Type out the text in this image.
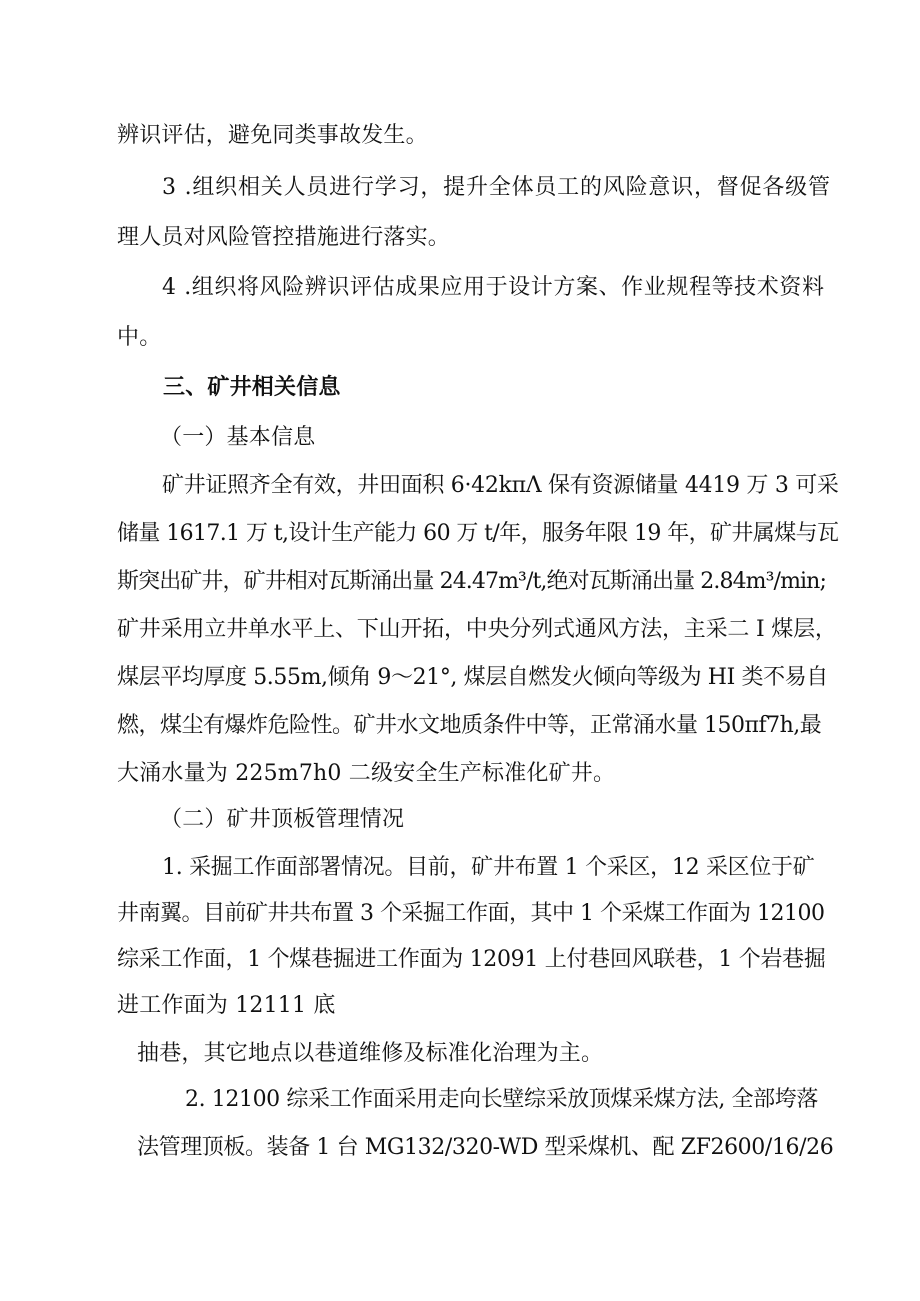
辨识评估，避免同类事故发生。
3 .组织相关人员进行学习，提升全体员工的风险意识，督促各级管
理人员对风险管控措施进行落实。
4 .组织将风险辨识评估成果应用于设计方案、作业规程等技术资料
中。
三、矿井相关信息
（一）基本信息
矿井证照齐全有效，井田面积 6·42kπΛ 保有资源储量 4419 万 3 可采
储量 1617.1 万 t,设计生产能力 60 万 t/年，服务年限 19 年，矿井属煤与瓦
斯突出矿井，矿井相对瓦斯涌出量 24.47m³/t,绝对瓦斯涌出量 2.84m³/min;
矿井采用立井单水平上、下山开拓，中央分列式通风方法，主采二 I 煤层，
煤层平均厚度 5.55m,倾角 9～21°, 煤层自燃发火倾向等级为 HI 类不易自
燃，煤尘有爆炸危险性。矿井水文地质条件中等，正常涌水量 150πf7h,最
大涌水量为 225m7h0 二级安全生产标准化矿井。
（二）矿井顶板管理情况
1. 采掘工作面部署情况。目前，矿井布置 1 个采区，12 采区位于矿
井南翼。目前矿井共布置 3 个采掘工作面，其中 1 个采煤工作面为 12100
综采工作面，1 个煤巷掘进工作面为 12091 上付巷回风联巷，1 个岩巷掘
进工作面为 12111 底
抽巷，其它地点以巷道维修及标准化治理为主。
2. 12100 综采工作面采用走向长壁综采放顶煤采煤方法, 全部垮落
法管理顶板。装备 1 台 MG132/320-WD 型采煤机、配 ZF2600/16/26
